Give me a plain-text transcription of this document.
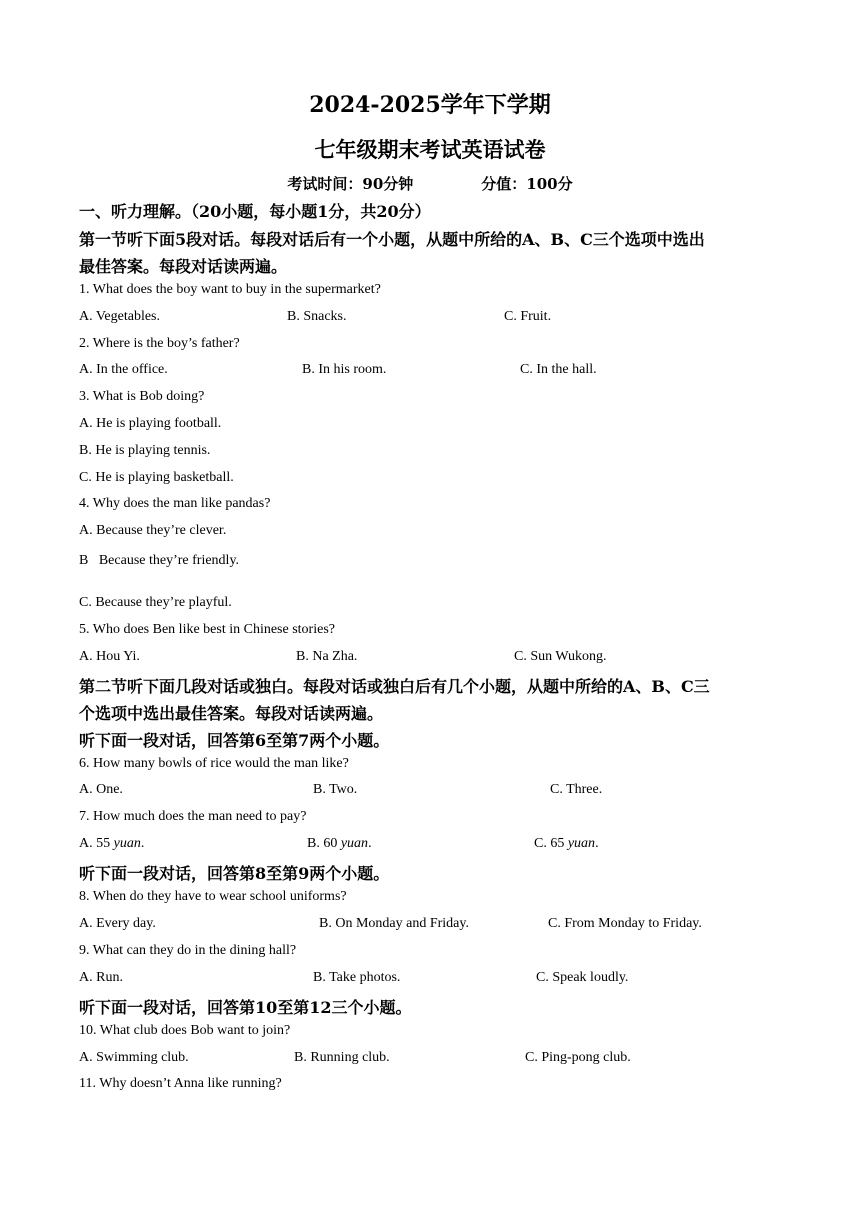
2024-2025学年下学期
七年级期末考试英语试卷
考试时间：90分钟	分值：100分
一、听力理解。（20小题，每小题1分，共20分）
第一节听下面5段对话。每段对话后有一个小题，从题中所给的A、B、C三个选项中选出
最佳答案。每段对话读两遍。
1. What does the boy want to buy in the supermarket?
A. Vegetables.	B. Snacks.	C. Fruit.
2. Where is the boy’s father?
A. In the office.	B. In his room.	C. In the hall.
3. What is Bob doing?
A. He is playing football.
B. He is playing tennis.
C. He is playing basketball.
4. Why does the man like pandas?
A. Because they’re clever.
B   Because they’re friendly.
C. Because they’re playful.
5. Who does Ben like best in Chinese stories?
A. Hou Yi.	B. Na Zha.	C. Sun Wukong.
第二节听下面几段对话或独白。每段对话或独白后有几个小题，从题中所给的A、B、C三
个选项中选出最佳答案。每段对话读两遍。
听下面一段对话，回答第6至第7两个小题。
6. How many bowls of rice would the man like?
A. One.	B. Two.	C. Three.
7. How much does the man need to pay?
A. 55 yuan.	B. 60 yuan.	C. 65 yuan.
听下面一段对话，回答第8至第9两个小题。
8. When do they have to wear school uniforms?
A. Every day.	B. On Monday and Friday.	C. From Monday to Friday.
9. What can they do in the dining hall?
A. Run.	B. Take photos.	C. Speak loudly.
听下面一段对话，回答第10至第12三个小题。
10. What club does Bob want to join?
A. Swimming club.	B. Running club.	C. Ping-pong club.
11. Why doesn’t Anna like running?
